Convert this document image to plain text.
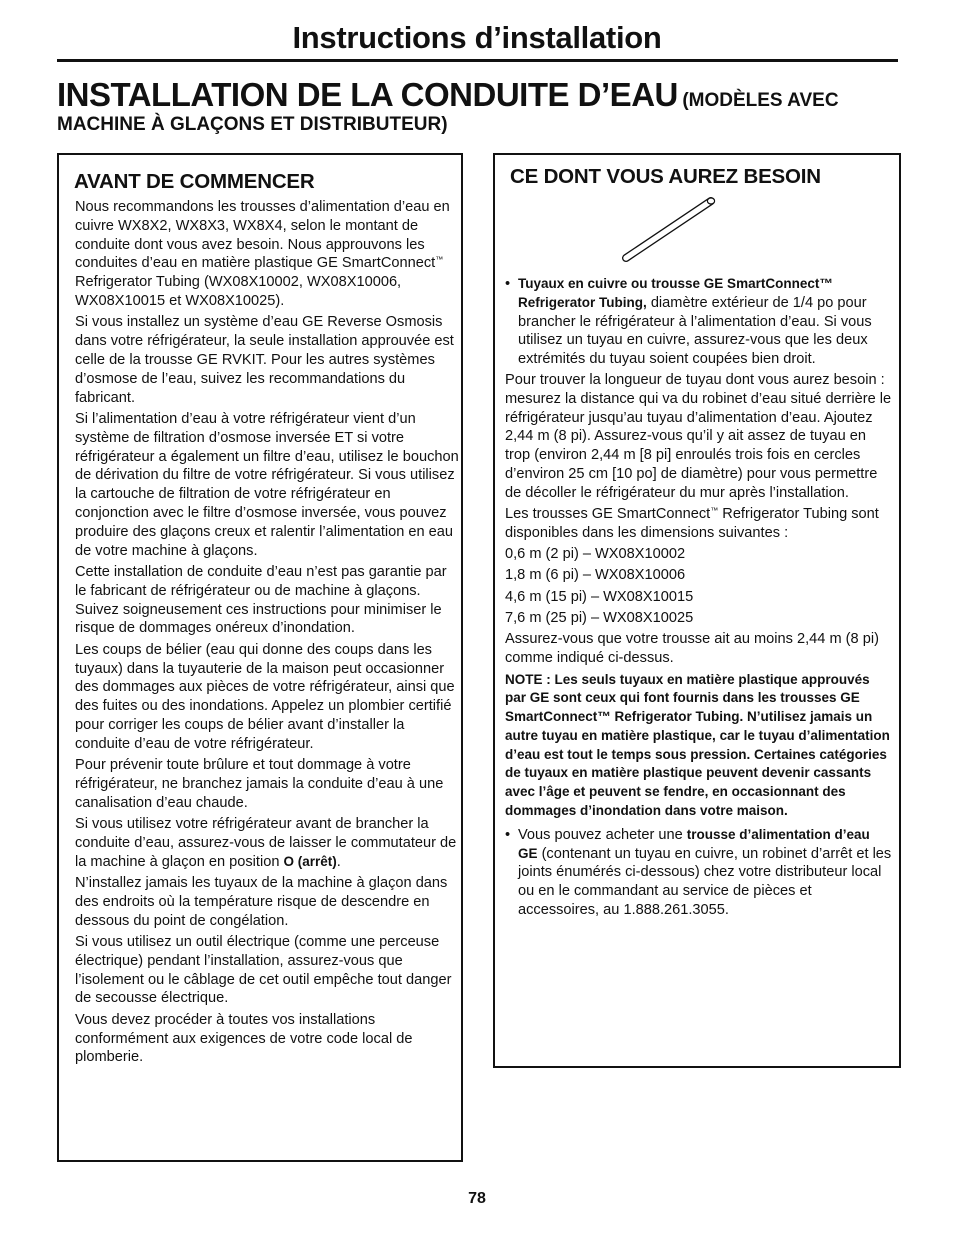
Instructions d’installation
INSTALLATION DE LA CONDUITE D’EAU (MODÈLES AVEC
MACHINE À GLAÇONS ET DISTRIBUTEUR)
AVANT DE COMMENCER

Nous recommandons les trousses d’alimentation d’eau en cuivre WX8X2, WX8X3, WX8X4, selon le montant de conduite dont vous avez besoin. Nous approuvons les conduites d’eau en matière plastique GE SmartConnect™ Refrigerator Tubing (WX08X10002, WX08X10006, WX08X10015 et WX08X10025).

Si vous installez un système d’eau GE Reverse Osmosis dans votre réfrigérateur, la seule installation approuvée est celle de la trousse GE RVKIT. Pour les autres systèmes d’osmose de l’eau, suivez les recommandations du fabricant.

Si l’alimentation d’eau à votre réfrigérateur vient d’un système de filtration d’osmose inversée ET si votre réfrigérateur a également un filtre d’eau, utilisez le bouchon de dérivation du filtre de votre réfrigérateur. Si vous utilisez la cartouche de filtration de votre réfrigérateur en conjonction avec le filtre d’osmose inversée, vous pouvez produire des glaçons creux et ralentir l’alimentation en eau de votre machine à glaçons.

Cette installation de conduite d’eau n’est pas garantie par le fabricant de réfrigérateur ou de machine à glaçons. Suivez soigneusement ces instructions pour minimiser le risque de dommages onéreux d’inondation.

Les coups de bélier (eau qui donne des coups dans les tuyaux) dans la tuyauterie de la maison peut occasionner des dommages aux pièces de votre réfrigérateur, ainsi que des fuites ou des inondations. Appelez un plombier certifié pour corriger les coups de bélier avant d’installer la conduite d’eau de votre réfrigérateur.

Pour prévenir toute brûlure et tout dommage à votre réfrigérateur, ne branchez jamais la conduite d’eau à une canalisation d’eau chaude.

Si vous utilisez votre réfrigérateur avant de brancher la conduite d’eau, assurez-vous de laisser le commutateur de la machine à glaçon en position O (arrêt).

N’installez jamais les tuyaux de la machine à glaçon dans des endroits où la température risque de descendre en dessous du point de congélation.

Si vous utilisez un outil électrique (comme une perceuse électrique) pendant l’installation, assurez-vous que l’isolement ou le câblage de cet outil empêche tout danger de secousse électrique.

Vous devez procéder à toutes vos installations conformément aux exigences de votre code local de plomberie.

CE DONT VOUS AUREZ BESOIN
• Tuyaux en cuivre ou trousse GE SmartConnect™ Refrigerator Tubing, diamètre extérieur de 1/4 po pour brancher le réfrigérateur à l’alimentation d’eau. Si vous utilisez un tuyau en cuivre, assurez-vous que les deux extrémités du tuyau soient coupées bien droit.

Pour trouver la longueur de tuyau dont vous aurez besoin : mesurez la distance qui va du robinet d’eau situé derrière le réfrigérateur jusqu’au tuyau d’alimentation d’eau. Ajoutez 2,44 m (8 pi). Assurez-vous qu’il y ait assez de tuyau en trop (environ 2,44 m [8 pi] enroulés trois fois en cercles d’environ 25 cm [10 po] de diamètre) pour vous permettre de décoller le réfrigérateur du mur après l’installation.

Les trousses GE SmartConnect™ Refrigerator Tubing sont disponibles dans les dimensions suivantes :

0,6 m (2 pi) – WX08X10002

1,8 m (6 pi) – WX08X10006

4,6 m (15 pi) – WX08X10015

7,6 m (25 pi) – WX08X10025

Assurez-vous que votre trousse ait au moins 2,44 m (8 pi) comme indiqué ci-dessus.

NOTE : Les seuls tuyaux en matière plastique approuvés par GE sont ceux qui font fournis dans les trousses GE SmartConnect™ Refrigerator Tubing. N’utilisez jamais un autre tuyau en matière plastique, car le tuyau d’alimentation d’eau est tout le temps sous pression. Certaines catégories de tuyaux en matière plastique peuvent devenir cassants avec l’âge et peuvent se fendre, en occasionnant des dommages d’inondation dans votre maison.

• Vous pouvez acheter une trousse d’alimentation d’eau GE (contenant un tuyau en cuivre, un robinet d’arrêt et les joints énumérés ci-dessous) chez votre distributeur local ou en le commandant au service de pièces et accessoires, au 1.888.261.3055.

78
